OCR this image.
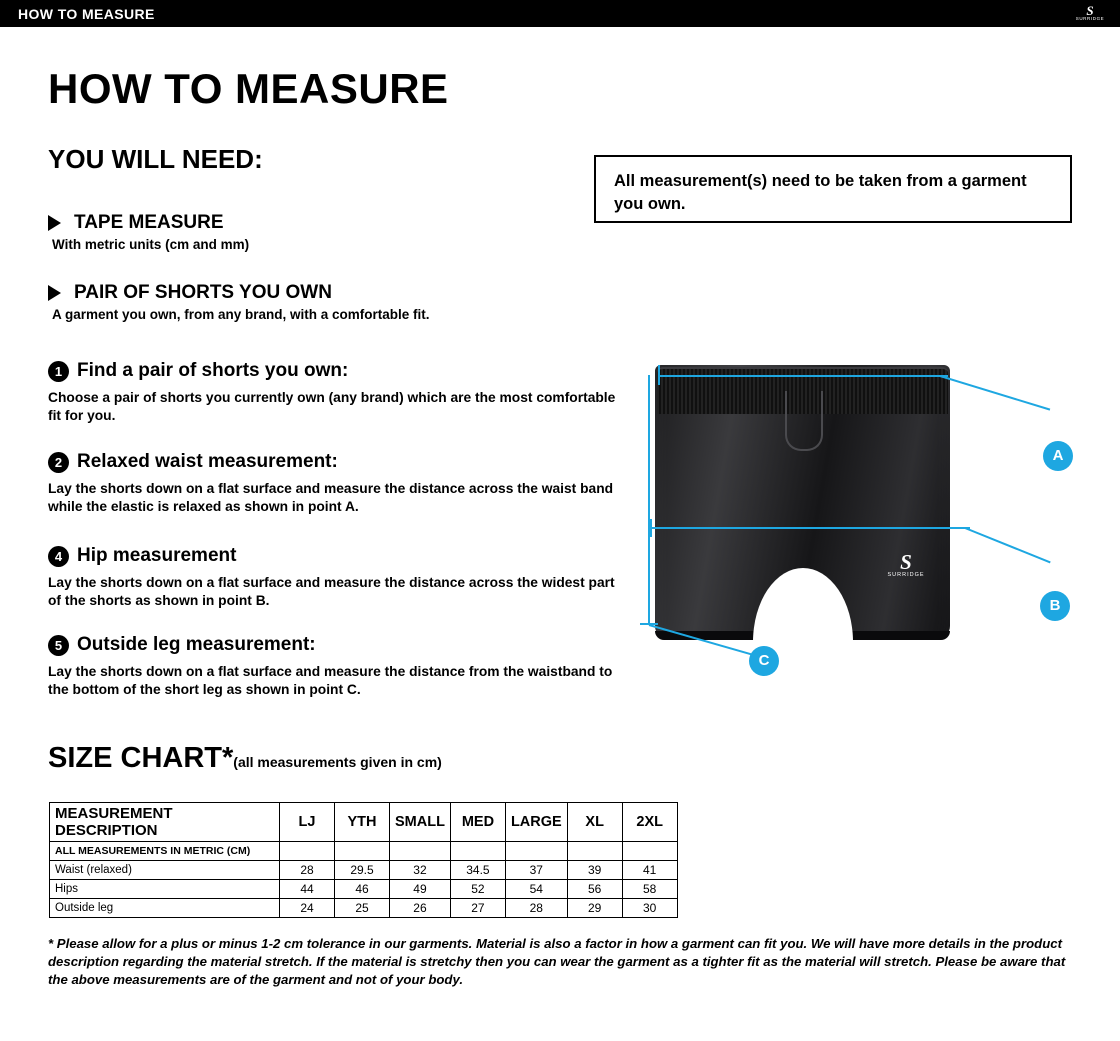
HOW TO MEASURE	S
SURRIDGE
HOW TO MEASURE
YOU WILL NEED:
All measurement(s) need to be taken from a garment you own.
TAPE MEASURE
With metric units (cm and mm)
PAIR OF SHORTS YOU OWN
A garment you own, from any brand, with a comfortable fit.
1 Find a pair of shorts you own:
Choose a pair of shorts you currently own (any brand) which are the most comfortable fit for you.
2 Relaxed waist measurement:
Lay the shorts down on a flat surface and measure the distance across the waist band while the elastic is relaxed as shown in point A.
4 Hip measurement
Lay the shorts down on a flat surface and measure the distance across the widest part of the shorts as shown in point B.
5 Outside leg measurement:
Lay the shorts down on a flat surface and measure the distance from the waistband to the bottom of the short leg as shown in point C.
S
SURRIDGE
A
B
C
SIZE CHART*(all measurements given in cm)
MEASUREMENT DESCRIPTION	LJ	YTH	SMALL	MED	LARGE	XL	2XL
ALL MEASUREMENTS IN METRIC (CM)							
Waist (relaxed)	28	29.5	32	34.5	37	39	41
Hips	44	46	49	52	54	56	58
Outside leg	24	25	26	27	28	29	30
* Please allow for a plus or minus 1-2 cm tolerance in our garments. Material is also a factor in how a garment can fit you. We will have more details in the product description regarding the material stretch. If the material is stretchy then you can wear the garment as a tighter fit as the material will stretch. Please be aware that the above measurements are of the garment and not of your body.
